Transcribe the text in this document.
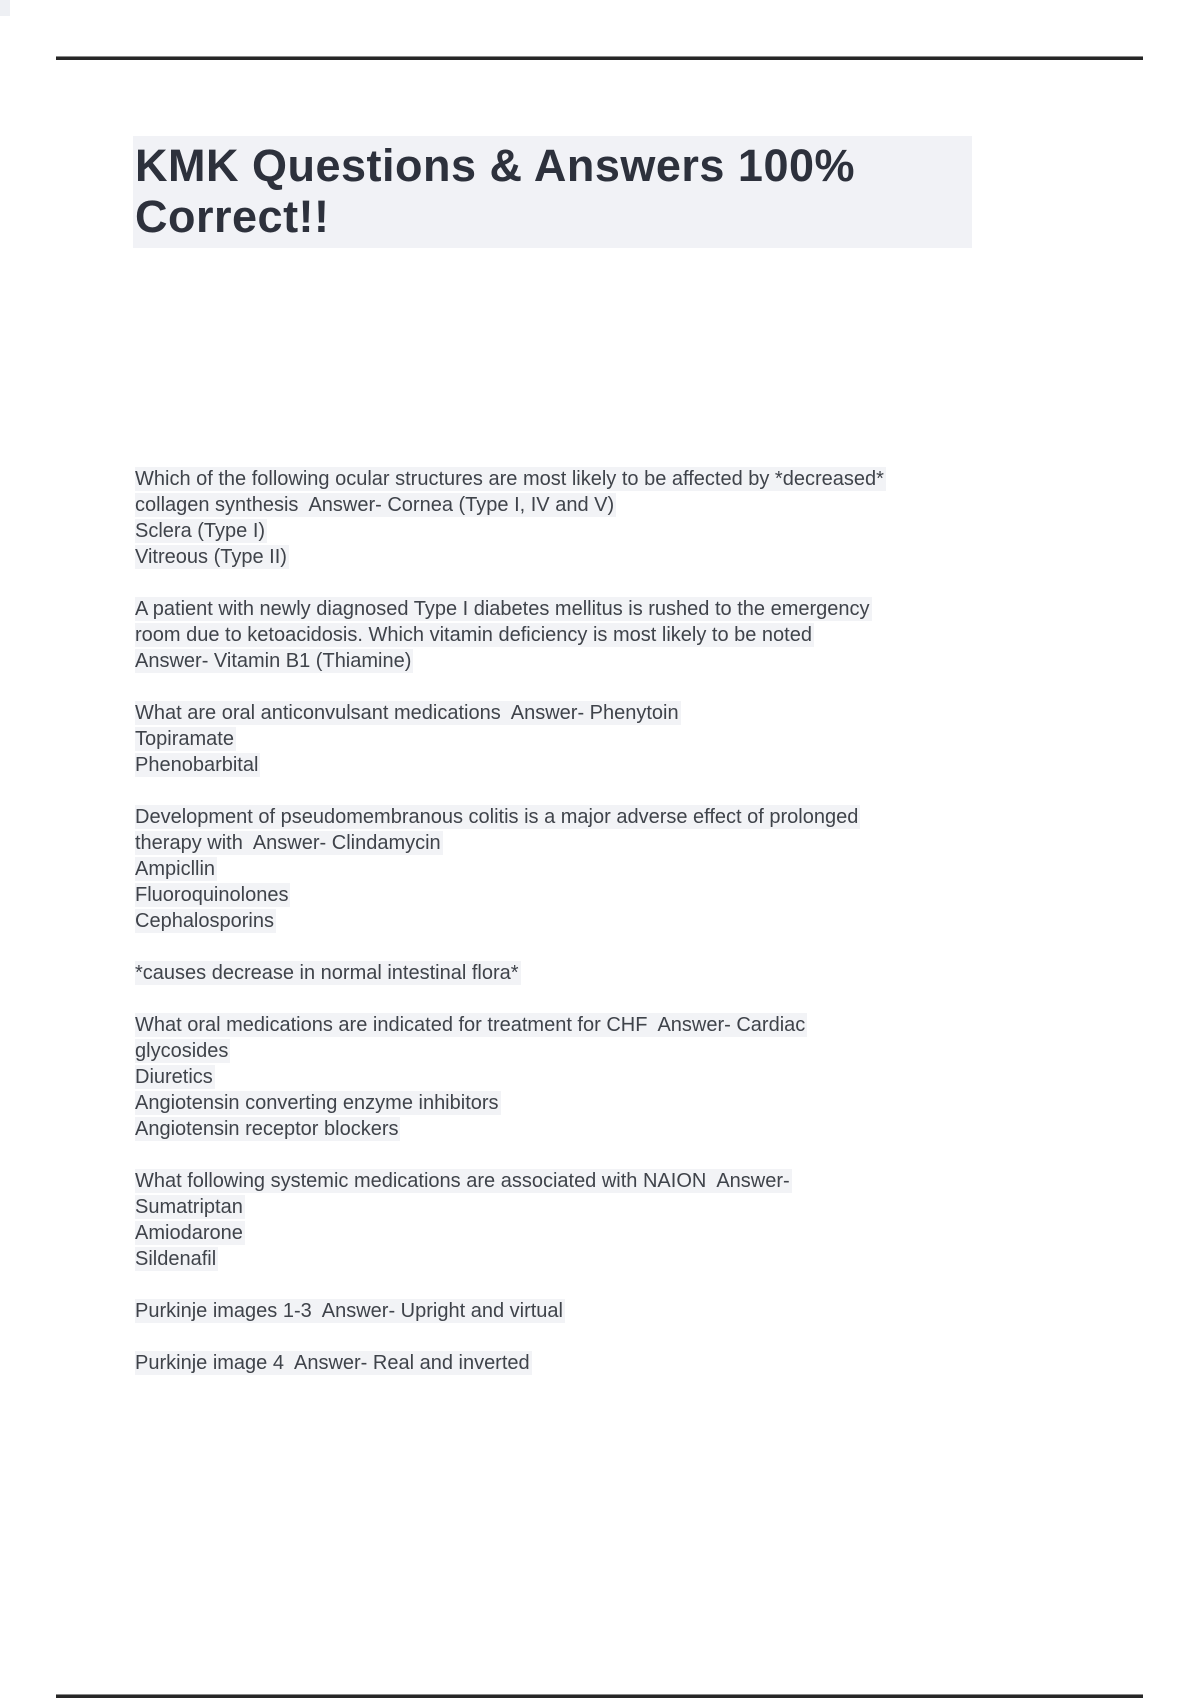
KMK Questions & Answers 100%
Correct!!

Which of the following ocular structures are most likely to be affected by *decreased*
collagen synthesis  Answer- Cornea (Type I, IV and V)
Sclera (Type I)
Vitreous (Type II)

A patient with newly diagnosed Type I diabetes mellitus is rushed to the emergency
room due to ketoacidosis. Which vitamin deficiency is most likely to be noted
Answer- Vitamin B1 (Thiamine)

What are oral anticonvulsant medications  Answer- Phenytoin
Topiramate
Phenobarbital

Development of pseudomembranous colitis is a major adverse effect of prolonged
therapy with  Answer- Clindamycin
Ampicllin
Fluoroquinolones
Cephalosporins

*causes decrease in normal intestinal flora*

What oral medications are indicated for treatment for CHF  Answer- Cardiac
glycosides
Diuretics
Angiotensin converting enzyme inhibitors
Angiotensin receptor blockers

What following systemic medications are associated with NAION  Answer-
Sumatriptan
Amiodarone
Sildenafil

Purkinje images 1-3  Answer- Upright and virtual

Purkinje image 4  Answer- Real and inverted
